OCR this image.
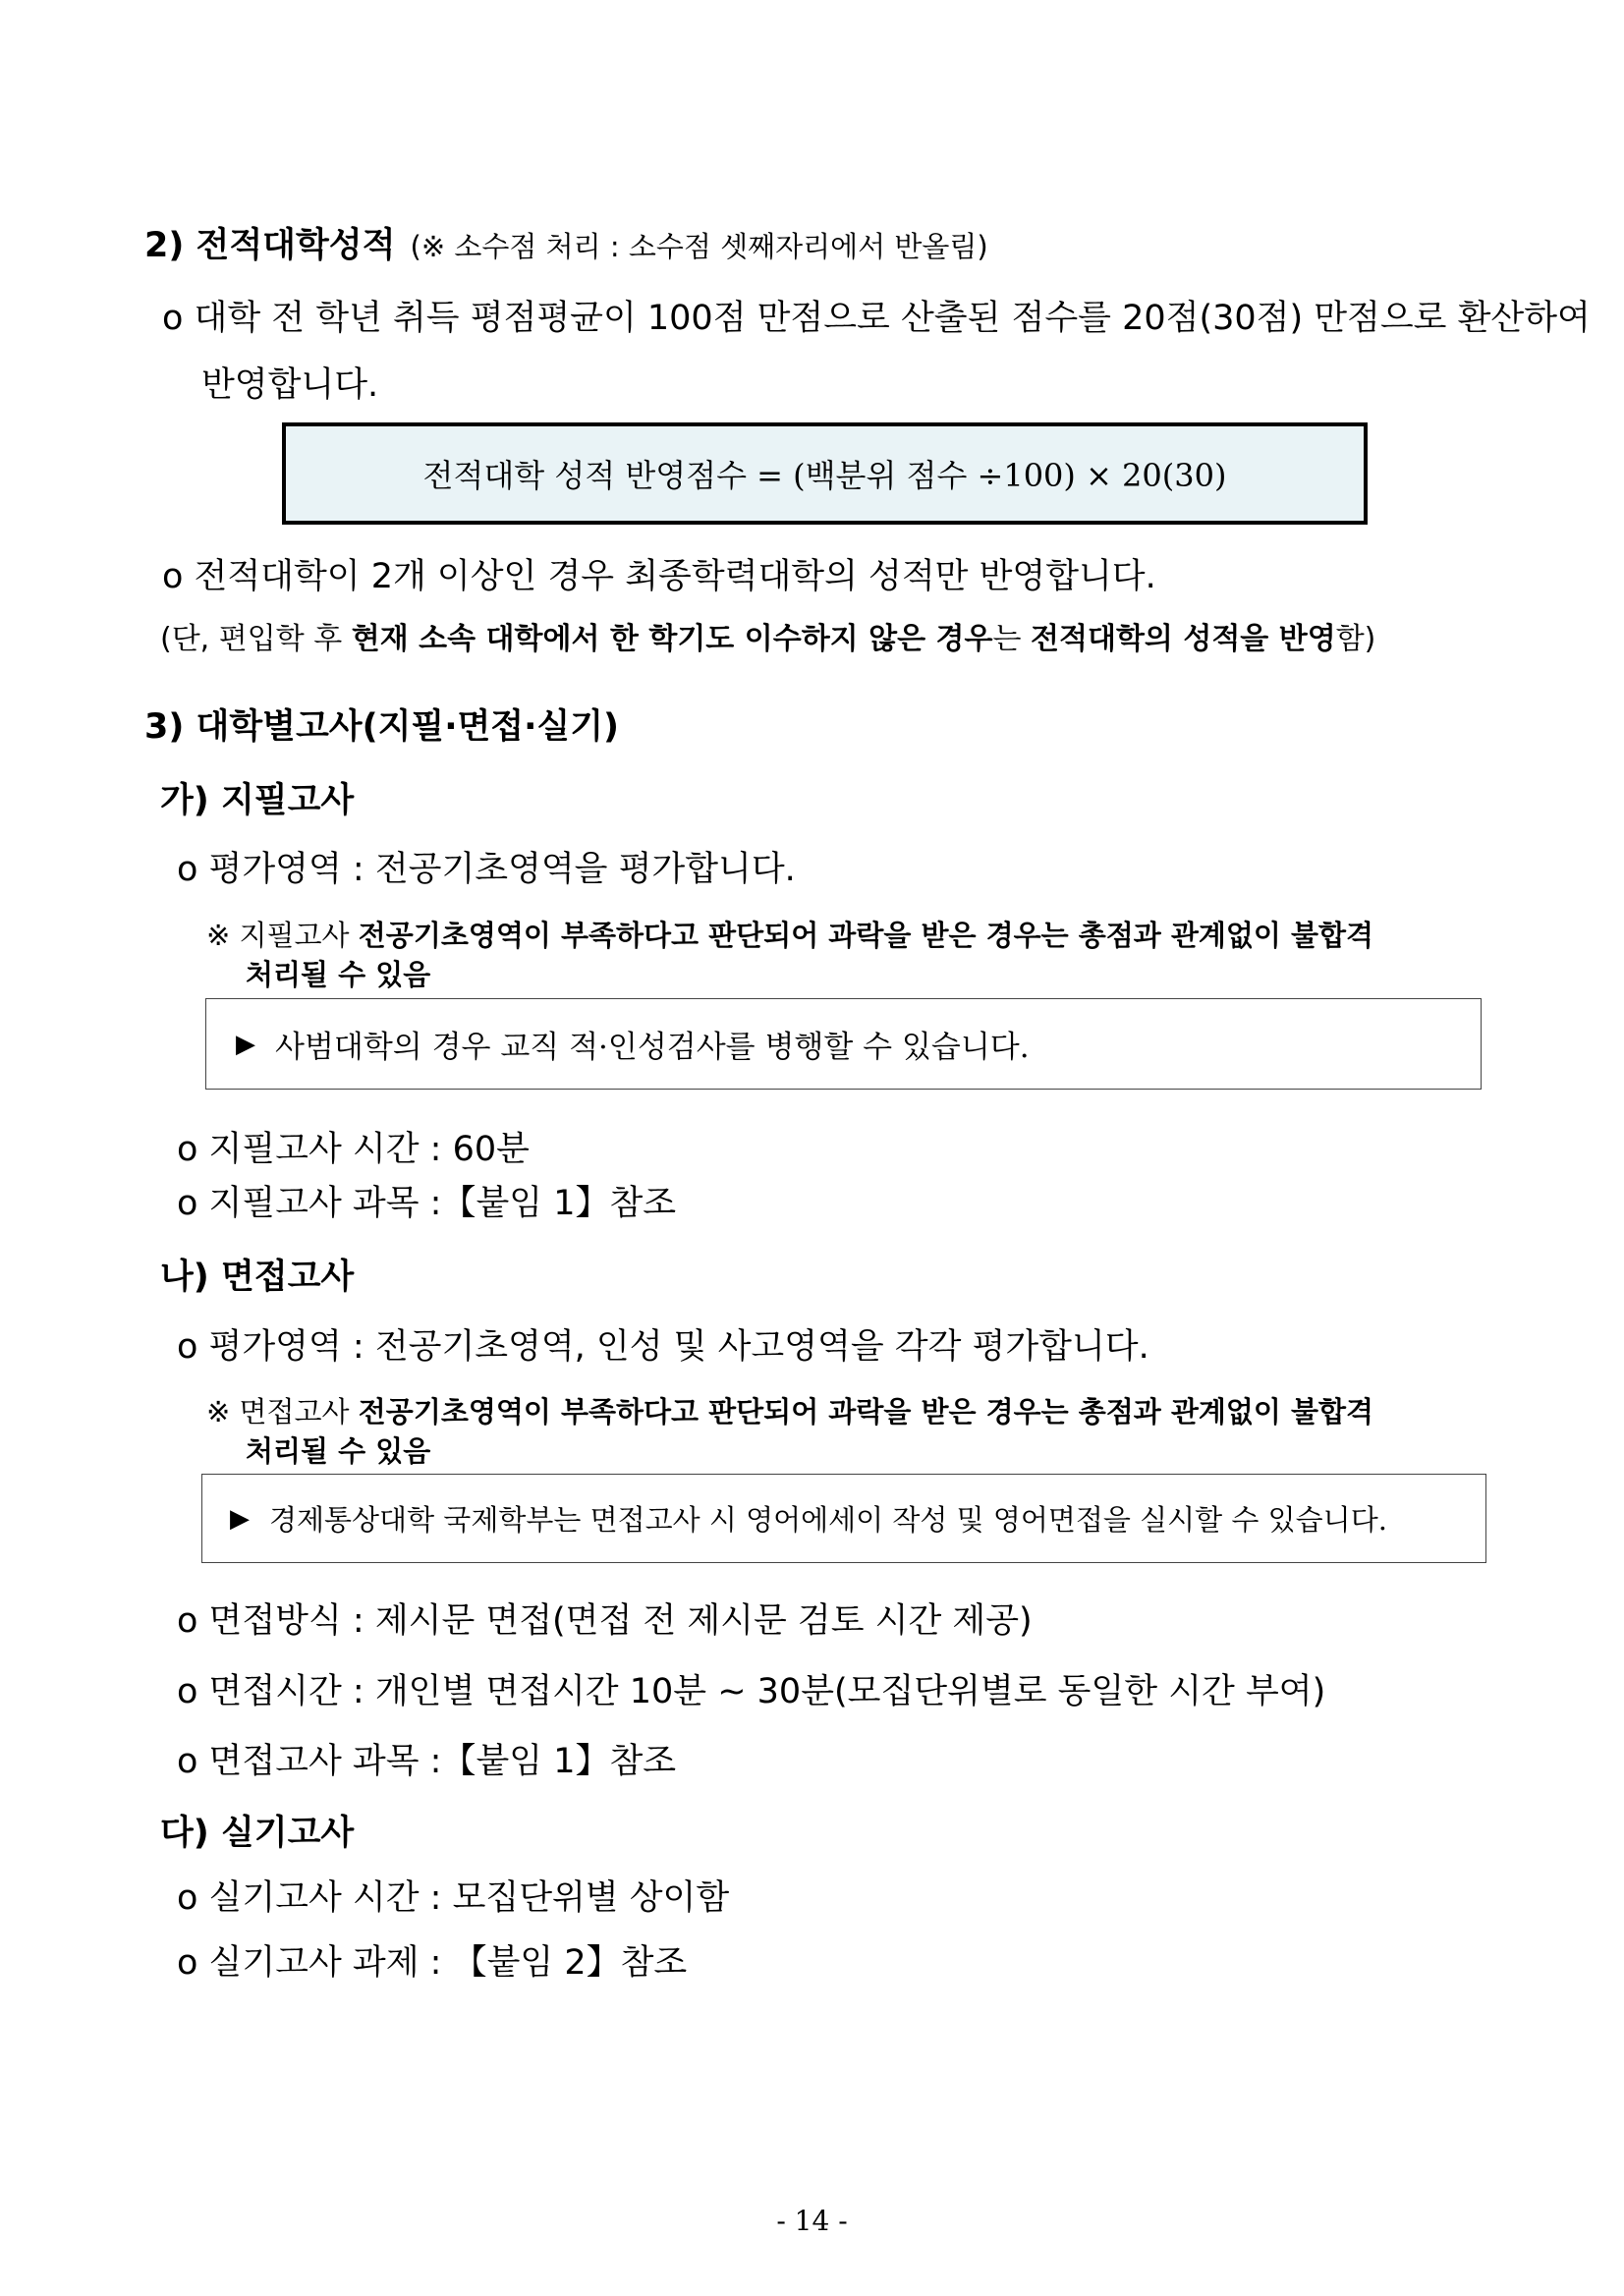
2) 전적대학성적 (※ 소수점 처리 : 소수점 셋째자리에서 반올림)
o 대학 전 학년 취득 평점평균이 100점 만점으로 산출된 점수를 20점(30점) 만점으로 환산하여
반영합니다.
전적대학 성적 반영점수 = (백분위 점수 ÷100) × 20(30)
o 전적대학이 2개 이상인 경우 최종학력대학의 성적만 반영합니다.
(단, 편입학 후 현재 소속 대학에서 한 학기도 이수하지 않은 경우는 전적대학의 성적을 반영함)
3) 대학별고사(지필·면접·실기)
가) 지필고사
o 평가영역 : 전공기초영역을 평가합니다.
※ 지필고사 전공기초영역이 부족하다고 판단되어 과락을 받은 경우는 총점과 관계없이 불합격
처리될 수 있음
▶ 사범대학의 경우 교직 적·인성검사를 병행할 수 있습니다.
o 지필고사 시간 : 60분
o 지필고사 과목 :【붙임 1】참조
나) 면접고사
o 평가영역 : 전공기초영역, 인성 및 사고영역을 각각 평가합니다.
※ 면접고사 전공기초영역이 부족하다고 판단되어 과락을 받은 경우는 총점과 관계없이 불합격
처리될 수 있음
▶ 경제통상대학 국제학부는 면접고사 시 영어에세이 작성 및 영어면접을 실시할 수 있습니다.
o 면접방식 : 제시문 면접(면접 전 제시문 검토 시간 제공)
o 면접시간 : 개인별 면접시간 10분 ~ 30분(모집단위별로 동일한 시간 부여)
o 면접고사 과목 :【붙임 1】참조
다) 실기고사
o 실기고사 시간 : 모집단위별 상이함
o 실기고사 과제 : 【붙임 2】참조
- 14 -
